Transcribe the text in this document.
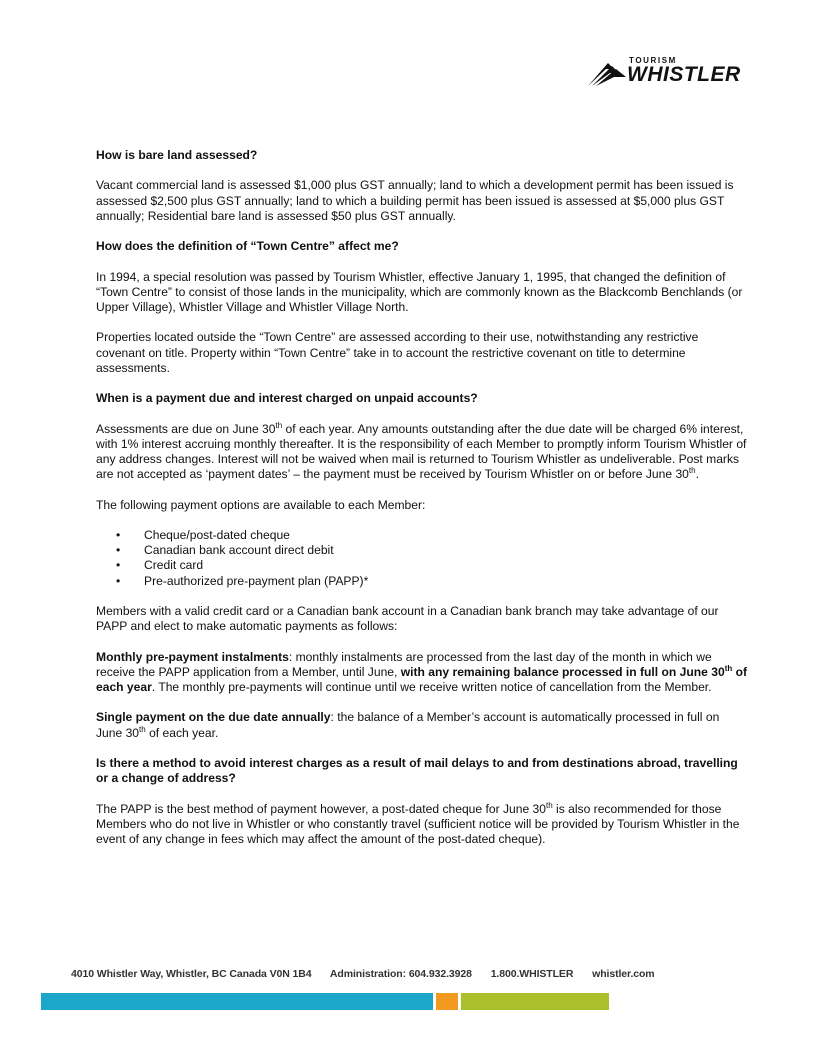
TOURISM
WHISTLER

How is bare land assessed?

Vacant commercial land is assessed $1,000 plus GST annually; land to which a development permit has been issued is assessed $2,500 plus GST annually; land to which a building permit has been issued is assessed at $5,000 plus GST annually; Residential bare land is assessed $50 plus GST annually.

How does the definition of “Town Centre” affect me?

In 1994, a special resolution was passed by Tourism Whistler, effective January 1, 1995, that changed the definition of “Town Centre” to consist of those lands in the municipality, which are commonly known as the Blackcomb Benchlands (or Upper Village), Whistler Village and Whistler Village North.

Properties located outside the “Town Centre” are assessed according to their use, notwithstanding any restrictive covenant on title. Property within “Town Centre” take in to account the restrictive covenant on title to determine assessments.

When is a payment due and interest charged on unpaid accounts?

Assessments are due on June 30th of each year. Any amounts outstanding after the due date will be charged 6% interest, with 1% interest accruing monthly thereafter. It is the responsibility of each Member to promptly inform Tourism Whistler of any address changes. Interest will not be waived when mail is returned to Tourism Whistler as undeliverable. Post marks are not accepted as ‘payment dates’ – the payment must be received by Tourism Whistler on or before June 30th.

The following payment options are available to each Member:

• Cheque/post-dated cheque
• Canadian bank account direct debit
• Credit card
• Pre-authorized pre-payment plan (PAPP)*

Members with a valid credit card or a Canadian bank account in a Canadian bank branch may take advantage of our PAPP and elect to make automatic payments as follows:

Monthly pre-payment instalments: monthly instalments are processed from the last day of the month in which we receive the PAPP application from a Member, until June, with any remaining balance processed in full on June 30th of each year. The monthly pre-payments will continue until we receive written notice of cancellation from the Member.

Single payment on the due date annually: the balance of a Member’s account is automatically processed in full on June 30th of each year.

Is there a method to avoid interest charges as a result of mail delays to and from destinations abroad, travelling or a change of address?

The PAPP is the best method of payment however, a post-dated cheque for June 30th is also recommended for those Members who do not live in Whistler or who constantly travel (sufficient notice will be provided by Tourism Whistler in the event of any change in fees which may affect the amount of the post-dated cheque).

4010 Whistler Way, Whistler, BC Canada V0N 1B4 Administration: 604.932.3928 1.800.WHISTLER whistler.com
